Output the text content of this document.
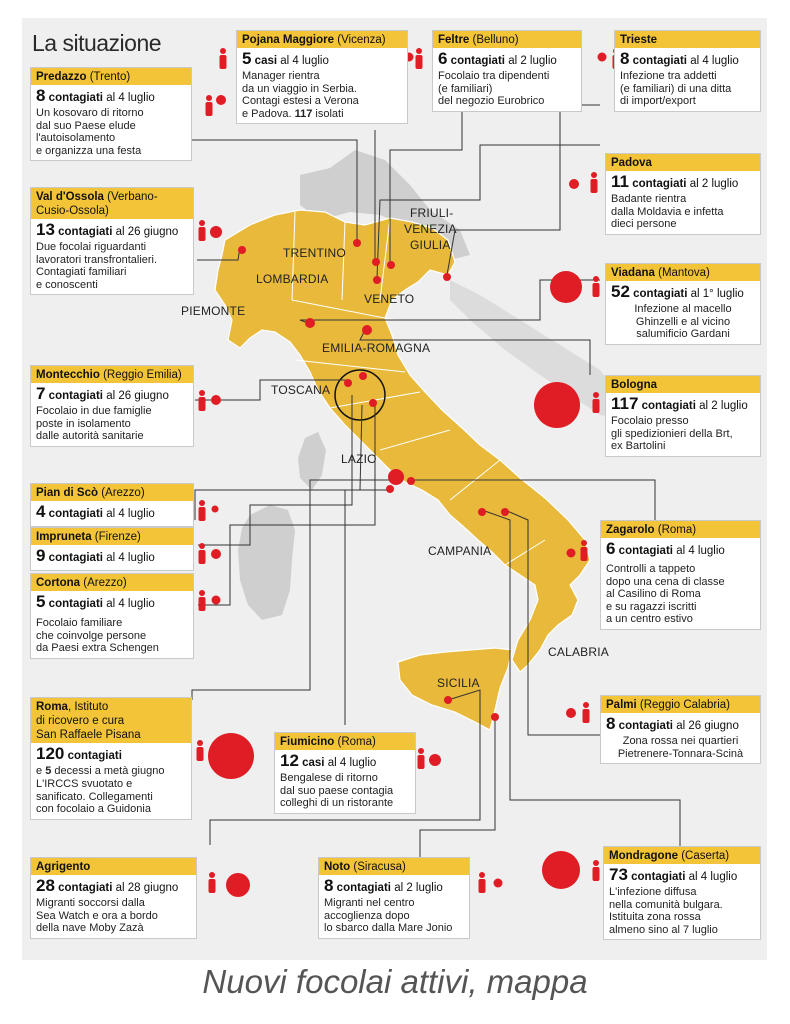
TRENTINO
FRIULI-
VENEZIA
GIULIA
LOMBARDIA
VENETO
PIEMONTE
EMILIA-ROMAGNA
TOSCANA
LAZIO
CAMPANIA
CALABRIA
SICILIA
La situazione
Predazzo (Trento)
8 contagiati al 4 luglio
Un kosovaro di ritorno
dal suo Paese elude
l'autoisolamento
e organizza una festa
Pojana Maggiore (Vicenza)
5 casi al 4 luglio
Manager rientra
da un viaggio in Serbia.
Contagi estesi a Verona
e Padova. 117 isolati
Feltre (Belluno)
6 contagiati al 2 luglio
Focolaio tra dipendenti
(e familiari)
del negozio Eurobrico
Trieste
8 contagiati al 4 luglio
Infezione tra addetti
(e familiari) di una ditta
di import/export
Padova
11 contagiati al 2 luglio
Badante rientra
dalla Moldavia e infetta
dieci persone
Val d'Ossola (Verbano-
Cusio-Ossola)
13 contagiati al 26 giugno
Due focolai riguardanti
lavoratori transfrontalieri.
Contagiati familiari
e conoscenti
Viadana (Mantova)
52 contagiati al 1° luglio
Infezione al macello
Ghinzelli e al vicino
salumificio Gardani
Montecchio (Reggio Emilia)
7 contagiati al 26 giugno
Focolaio in due famiglie
poste in isolamento
dalle autorità sanitarie
Bologna
117 contagiati al 2 luglio
Focolaio presso
gli spedizionieri della Brt,
ex Bartolini
Pian di Scò (Arezzo)
4 contagiati al 4 luglio
Impruneta (Firenze)
9 contagiati al 4 luglio
Cortona (Arezzo)
5 contagiati al 4 luglio
Focolaio familiare
che coinvolge persone
da Paesi extra Schengen
Zagarolo (Roma)
6 contagiati al 4 luglio
Controlli a tappeto
dopo una cena di classe
al Casilino di Roma
e su ragazzi iscritti
a un centro estivo
Roma, Istituto
di ricovero e cura
San Raffaele Pisana
120 contagiati
e 5 decessi a metà giugno
L'IRCCS svuotato e
sanificato. Collegamenti
con focolaio a Guidonia
Fiumicino (Roma)
12 casi al 4 luglio
Bengalese di ritorno
dal suo paese contagia
colleghi di un ristorante
Palmi (Reggio Calabria)
8 contagiati al 26 giugno
Zona rossa nei quartieri
Pietrenere-Tonnara-Scinà
Agrigento
28 contagiati al 28 giugno
Migranti soccorsi dalla
Sea Watch e ora a bordo
della nave Moby Zazà
Noto (Siracusa)
8 contagiati al 2 luglio
Migranti nel centro
accoglienza dopo
lo sbarco dalla Mare Jonio
Mondragone (Caserta)
73 contagiati al 4 luglio
L'infezione diffusa
nella comunità bulgara.
Istituita zona rossa
almeno sino al 7 luglio
Nuovi focolai attivi, mappa
